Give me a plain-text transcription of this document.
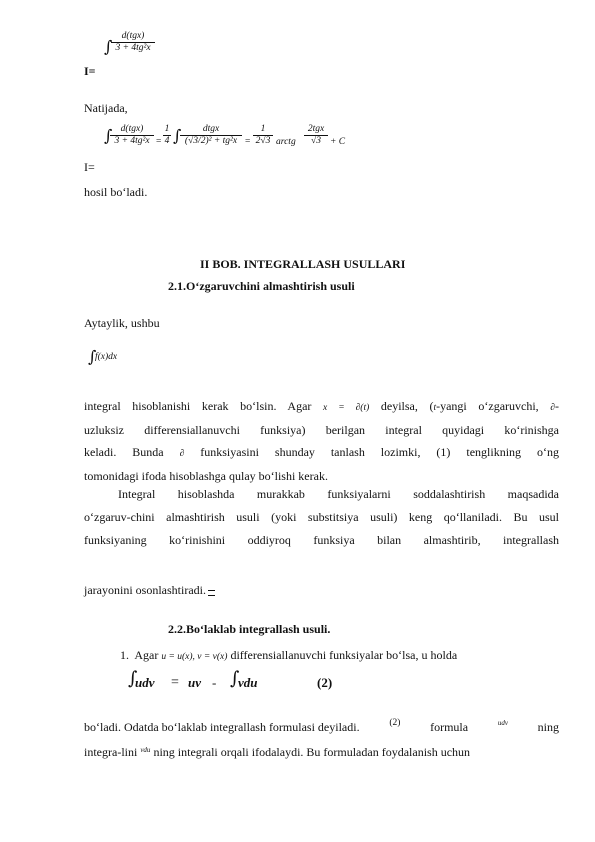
∫
d(tgx)
3 + 4tg²x
I=
Natijada,
∫ d(tgx)
3 + 4tg²x =
1
4 ∫	dtgx
(√3/2)² + tg²x =
1
2√3 arctg
2tgx
√3 + C
I=
hosil bo‘ladi.
II BOB. INTEGRALLASH USULLARI
2.1.O‘zgaruvchini almashtirish usuli
Aytaylik, ushbu
∫
f(x)dx
integral hisoblanishi kerak bo‘lsin. Agar x = ∂(t) deyilsa, (t-yangi o‘zgaruvchi, ∂-
uzluksiz differensiallanuvchi funksiya) berilgan integral quyidagi ko‘rinishga
keladi. Bunda ∂ funksiyasini shunday tanlash lozimki, (1) tenglikning o‘ng
tomonidagi ifoda hisoblashga qulay bo‘lishi kerak.
Integral hisoblashda murakkab funksiyalarni soddalashtirish maqsadida
o‘zgaruv-chini almashtirish usuli (yoki substitsiya usuli) keng qo‘llaniladi. Bu usul
funksiyaning ko‘rinishini oddiyroq funksiya bilan almashtirib, integrallash
jarayonini osonlashtiradi.
2.2.Bo‘laklab integrallash usuli.
1. Agar u = u(x), v = v(x) differensiallanuvchi funksiyalar bo‘lsa, u holda
∫
udv = uv - ∫
vdu	(2)
bo‘ladi. Odatda bo‘laklab integrallash formulasi deyiladi.	(2) formula	udv ning
integra-lini $^{vdu}$ ning integrali orqali ifodalaydi. Bu formuladan foydalanish uchun
